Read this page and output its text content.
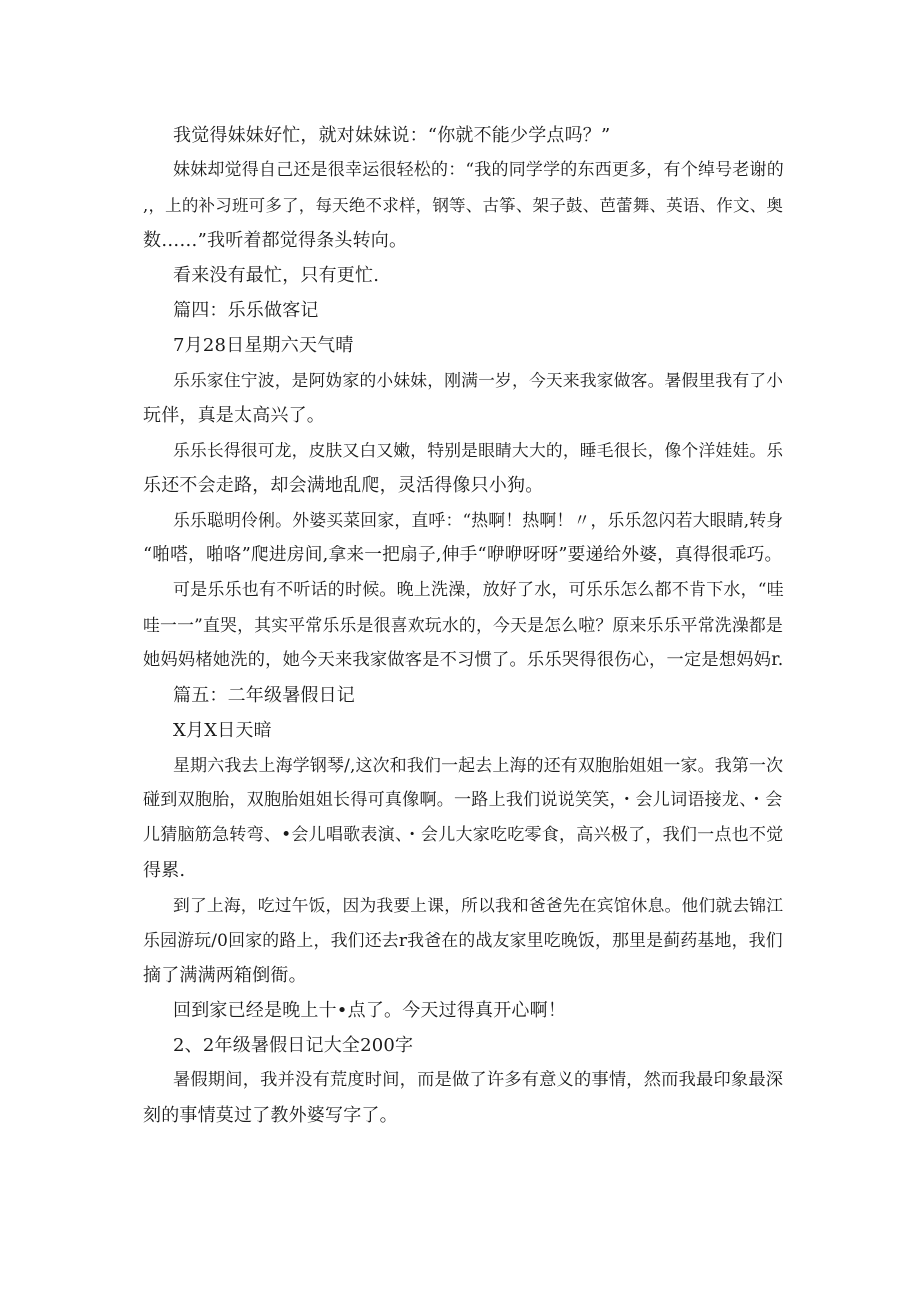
我觉得妹妹好忙，就对妹妹说：“你就不能少学点吗？”
妹妹却觉得自己还是很幸运很轻松的：“我的同学学的东西更多，有个绰号老谢的
,，上的补习班可多了，每天绝不求样，钢等、古筝、架子鼓、芭蕾舞、英语、作文、奥
数……”我听着都觉得条头转向。
看来没有最忙，只有更忙.
篇四：乐乐做客记
7月28日星期六天气晴
乐乐家住宁波，是阿妫家的小妹妹，刚满一岁，今天来我家做客。暑假里我有了小
玩伴，真是太高兴了。
乐乐长得很可龙，皮肤又白又嫩，特别是眼睛大大的，睡毛很长，像个洋娃娃。乐
乐还不会走路，却会满地乱爬，灵活得像只小狗。
乐乐聪明伶俐。外婆买菜回家，直呼：“热啊！热啊！〃，乐乐忽闪若大眼睛,转身
“啪嗒，啪咯”爬进房间,拿来一把扇子,伸手“咿咿呀呀”要递给外婆，真得很乖巧。
可是乐乐也有不听话的时候。晚上洗澡，放好了水，可乐乐怎么都不肯下水，“哇
哇一一”直哭，其实平常乐乐是很喜欢玩水的，今天是怎么啦？原来乐乐平常洗澡都是
她妈妈楮她洗的，她今天来我家做客是不习惯了。乐乐哭得很伤心，一定是想妈妈r.
篇五：二年级暑假日记
X月X日天暗
星期六我去上海学钢琴/,这次和我们一起去上海的还有双胞胎姐姐一家。我第一次
碰到双胞胎，双胞胎姐姐长得可真像啊。一路上我们说说笑笑，・会儿词语接龙、・会
儿猜脑筋急转弯、•会儿唱歌表演、・会儿大家吃吃零食，高兴极了，我们一点也不觉
得累.
到了上海，吃过午饭，因为我要上课，所以我和爸爸先在宾馆休息。他们就去锦江
乐园游玩/0回家的路上，我们还去r我爸在的战友家里吃晚饭，那里是蓟药基地，我们
摘了满满两箱倒衙。
回到家已经是晚上十•点了。今天过得真开心啊！
2、2年级暑假日记大全200字
暑假期间，我并没有荒度时间，而是做了许多有意义的事情，然而我最印象最深
刻的事情莫过了教外婆写字了。
